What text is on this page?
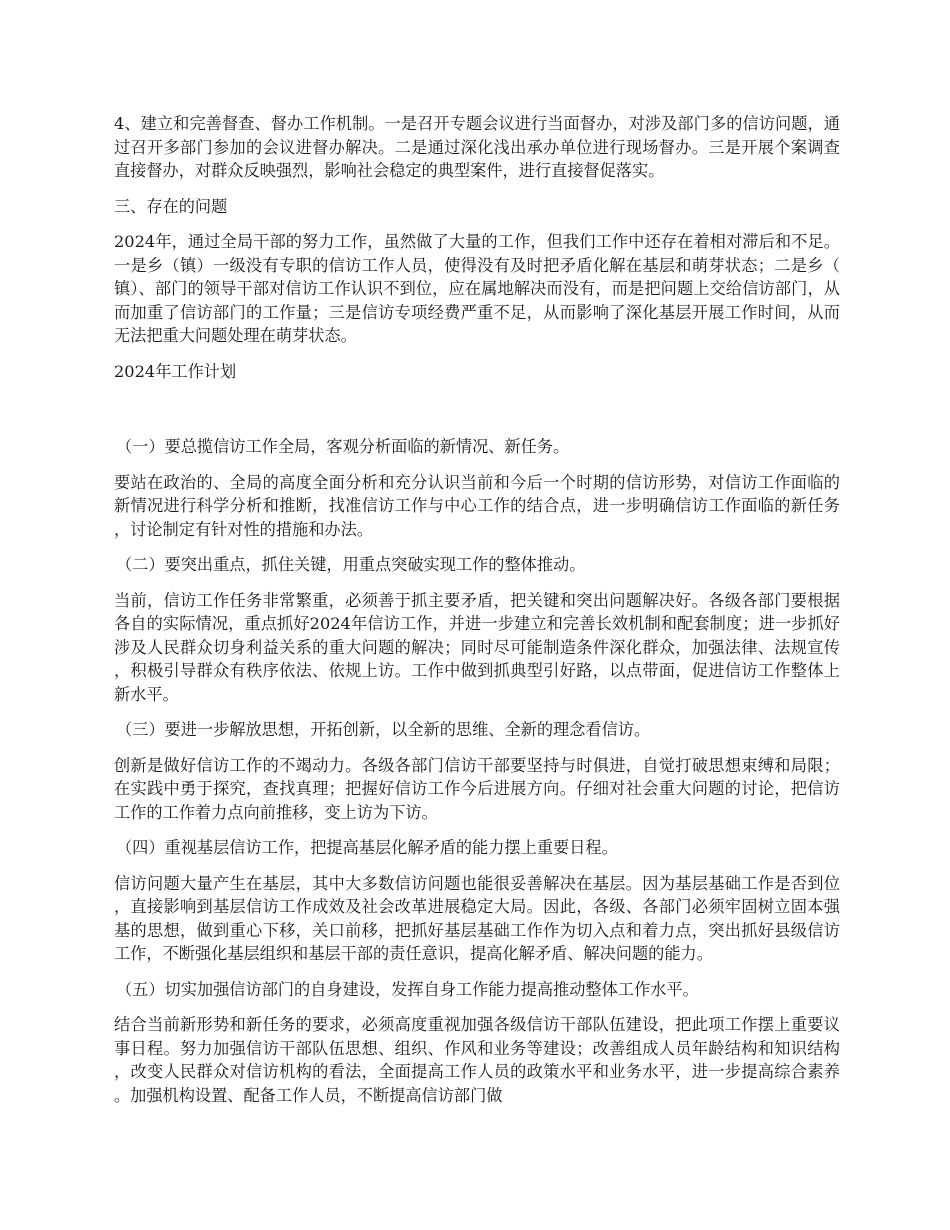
4、建立和完善督查、督办工作机制。一是召开专题会议进行当面督办，对涉及部门多的信访问题，通过召开多部门参加的会议进督办解决。二是通过深化浅出承办单位进行现场督办。三是开展个案调查直接督办，对群众反映强烈，影响社会稳定的典型案件，进行直接督促落实。

三、存在的问题

2024年，通过全局干部的努力工作，虽然做了大量的工作，但我们工作中还存在着相对滞后和不足。一是乡（镇）一级没有专职的信访工作人员，使得没有及时把矛盾化解在基层和萌芽状态；二是乡（镇）、部门的领导干部对信访工作认识不到位，应在属地解决而没有，而是把问题上交给信访部门，从而加重了信访部门的工作量；三是信访专项经费严重不足，从而影响了深化基层开展工作时间，从而无法把重大问题处理在萌芽状态。

2024年工作计划

（一）要总揽信访工作全局，客观分析面临的新情况、新任务。

要站在政治的、全局的高度全面分析和充分认识当前和今后一个时期的信访形势，对信访工作面临的新情况进行科学分析和推断，找准信访工作与中心工作的结合点，进一步明确信访工作面临的新任务，讨论制定有针对性的措施和办法。

（二）要突出重点，抓住关键，用重点突破实现工作的整体推动。

当前，信访工作任务非常繁重，必须善于抓主要矛盾，把关键和突出问题解决好。各级各部门要根据各自的实际情况，重点抓好2024年信访工作，并进一步建立和完善长效机制和配套制度；进一步抓好涉及人民群众切身利益关系的重大问题的解决；同时尽可能制造条件深化群众，加强法律、法规宣传，积极引导群众有秩序依法、依规上访。工作中做到抓典型引好路，以点带面，促进信访工作整体上新水平。

（三）要进一步解放思想，开拓创新，以全新的思维、全新的理念看信访。

创新是做好信访工作的不竭动力。各级各部门信访干部要坚持与时俱进，自觉打破思想束缚和局限；在实践中勇于探究，查找真理；把握好信访工作今后进展方向。仔细对社会重大问题的讨论，把信访工作的工作着力点向前推移，变上访为下访。

（四）重视基层信访工作，把提高基层化解矛盾的能力摆上重要日程。

信访问题大量产生在基层，其中大多数信访问题也能很妥善解决在基层。因为基层基础工作是否到位，直接影响到基层信访工作成效及社会改革进展稳定大局。因此，各级、各部门必须牢固树立固本强基的思想，做到重心下移，关口前移，把抓好基层基础工作作为切入点和着力点，突出抓好县级信访工作，不断强化基层组织和基层干部的责任意识，提高化解矛盾、解决问题的能力。

（五）切实加强信访部门的自身建设，发挥自身工作能力提高推动整体工作水平。

结合当前新形势和新任务的要求，必须高度重视加强各级信访干部队伍建设，把此项工作摆上重要议事日程。努力加强信访干部队伍思想、组织、作风和业务等建设；改善组成人员年龄结构和知识结构，改变人民群众对信访机构的看法，全面提高工作人员的政策水平和业务水平，进一步提高综合素养。加强机构设置、配备工作人员，不断提高信访部门做
